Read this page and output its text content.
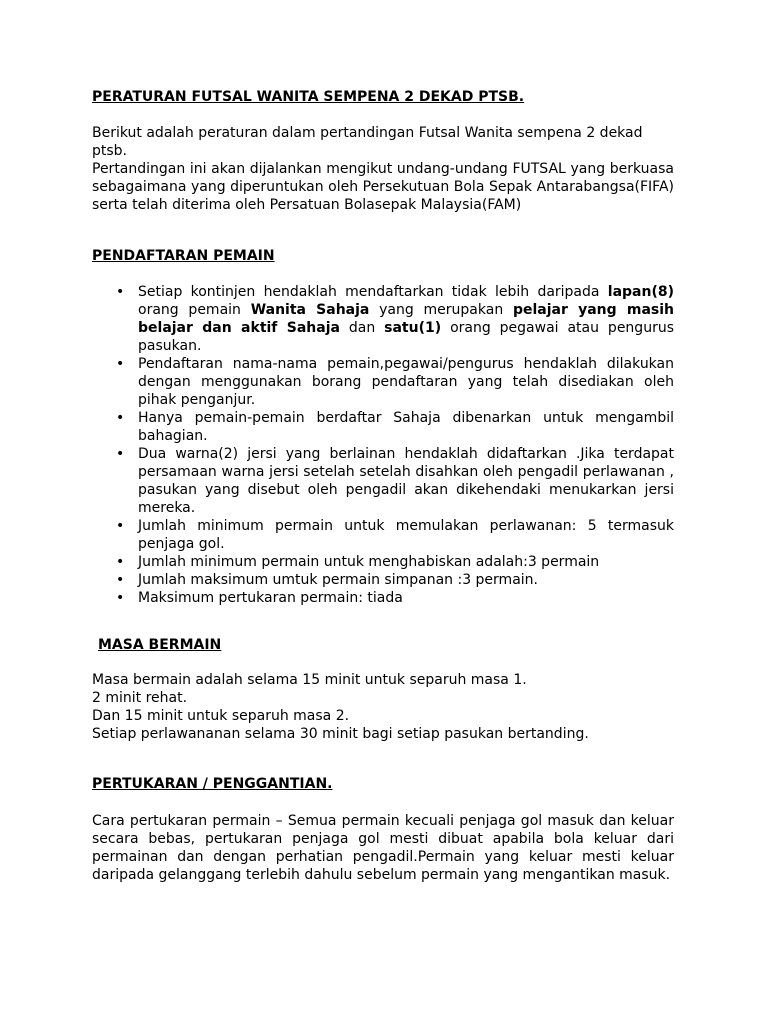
PERATURAN FUTSAL WANITA SEMPENA 2 DEKAD PTSB.
Berikut adalah peraturan dalam pertandingan Futsal Wanita sempena 2 dekad ptsb.
Pertandingan ini akan dijalankan mengikut undang-undang FUTSAL yang berkuasa sebagaimana yang diperuntukan oleh Persekutuan Bola Sepak Antarabangsa(FIFA) serta telah diterima oleh Persatuan Bolasepak Malaysia(FAM)
PENDAFTARAN PEMAIN
• Setiap kontinjen hendaklah mendaftarkan tidak lebih daripada lapan(8) orang pemain Wanita Sahaja yang merupakan pelajar yang masih belajar dan aktif Sahaja dan satu(1) orang pegawai atau pengurus pasukan.
• Pendaftaran nama-nama pemain,pegawai/pengurus hendaklah dilakukan dengan menggunakan borang pendaftaran yang telah disediakan oleh pihak penganjur.
• Hanya pemain-pemain berdaftar Sahaja dibenarkan untuk mengambil bahagian.
• Dua warna(2) jersi yang berlainan hendaklah didaftarkan .Jika terdapat persamaan warna jersi setelah setelah disahkan oleh pengadil perlawanan , pasukan yang disebut oleh pengadil akan dikehendaki menukarkan jersi mereka.
• Jumlah minimum permain untuk memulakan perlawanan: 5 termasuk penjaga gol.
• Jumlah minimum permain untuk menghabiskan adalah:3 permain
• Jumlah maksimum umtuk permain simpanan :3 permain.
• Maksimum pertukaran permain: tiada
MASA BERMAIN
Masa bermain adalah selama 15 minit untuk separuh masa 1.
2 minit rehat.
Dan 15 minit untuk separuh masa 2.
Setiap perlawananan selama 30 minit bagi setiap pasukan bertanding.
PERTUKARAN / PENGGANTIAN.
Cara pertukaran permain – Semua permain kecuali penjaga gol masuk dan keluar secara bebas, pertukaran penjaga gol mesti dibuat apabila bola keluar dari permainan dan dengan perhatian pengadil.Permain yang keluar mesti keluar daripada gelanggang terlebih dahulu sebelum permain yang mengantikan masuk.
